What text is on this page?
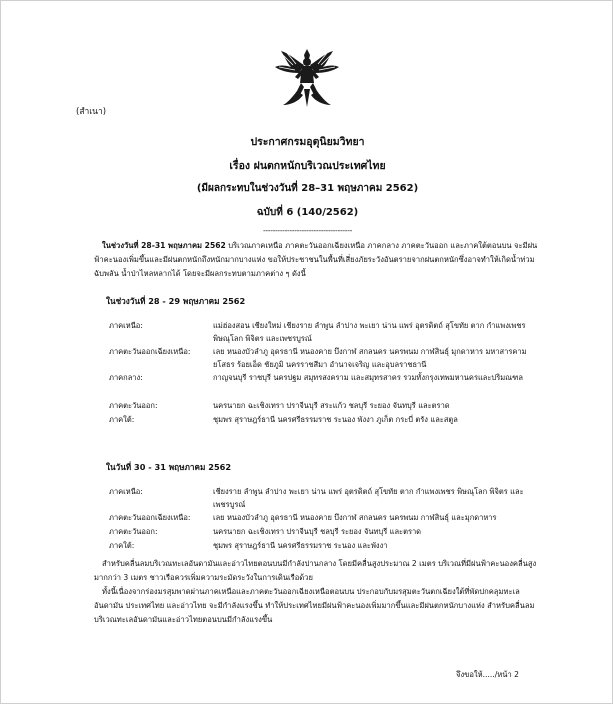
(สำเนา)
ประกาศกรมอุตุนิยมวิทยา
เรื่อง ฝนตกหนักบริเวณประเทศไทย
(มีผลกระทบในช่วงวันที่ 28–31 พฤษภาคม 2562)
ฉบับที่ 6 (140/2562)
-------------------------------------
ในช่วงวันที่ 28-31 พฤษภาคม 2562 บริเวณภาคเหนือ ภาคตะวันออกเฉียงเหนือ ภาคกลาง ภาคตะวันออก และภาคใต้ตอนบน จะมีฝนฟ้าคะนองเพิ่มขึ้นและมีฝนตกหนักถึงหนักมากบางแห่ง ขอให้ประชาชนในพื้นที่เสี่ยงภัยระวังอันตรายจากฝนตกหนักซึ่งอาจทำให้เกิดน้ำท่วมฉับพลัน น้ำป่าไหลหลากได้ โดยจะมีผลกระทบตามภาคต่าง ๆ ดังนี้
ในช่วงวันที่ 28 - 29 พฤษภาคม 2562
ภาคเหนือ:	แม่ฮ่องสอน เชียงใหม่ เชียงราย ลำพูน ลำปาง พะเยา น่าน แพร่ อุตรดิตถ์ สุโขทัย ตาก กำแพงเพชร พิษณุโลก พิจิตร และเพชรบูรณ์
ภาคตะวันออกเฉียงเหนือ:	เลย หนองบัวลำภู อุดรธานี หนองคาย บึงกาฬ สกลนคร นครพนม กาฬสินธุ์ มุกดาหาร มหาสารคาม ยโสธร ร้อยเอ็ด ชัยภูมิ นครราชสีมา อำนาจเจริญ และอุบลราชธานี
ภาคกลาง:	กาญจนบุรี ราชบุรี นครปฐม สมุทรสงคราม และสมุทรสาคร รวมทั้งกรุงเทพมหานครและปริมณฑล
ภาคตะวันออก:	นครนายก ฉะเชิงเทรา ปราจีนบุรี สระแก้ว ชลบุรี ระยอง จันทบุรี และตราด
ภาคใต้:	ชุมพร สุราษฎร์ธานี นครศรีธรรมราช ระนอง พังงา ภูเก็ต กระบี่ ตรัง และสตูล
ในวันที่ 30 - 31 พฤษภาคม 2562
ภาคเหนือ:	เชียงราย ลำพูน ลำปาง พะเยา น่าน แพร่ อุตรดิตถ์ สุโขทัย ตาก กำแพงเพชร พิษณุโลก พิจิตร และเพชรบูรณ์
ภาคตะวันออกเฉียงเหนือ:	เลย หนองบัวลำภู อุดรธานี หนองคาย บึงกาฬ สกลนคร นครพนม กาฬสินธุ์ และมุกดาหาร
ภาคตะวันออก:	นครนายก ฉะเชิงเทรา ปราจีนบุรี ชลบุรี ระยอง จันทบุรี และตราด
ภาคใต้:	ชุมพร สุราษฎร์ธานี นครศรีธรรมราช ระนอง และพังงา
สำหรับคลื่นลมบริเวณทะเลอันดามันและอ่าวไทยตอนบนมีกำลังปานกลาง โดยมีคลื่นสูงประมาณ 2 เมตร บริเวณที่มีฝนฟ้าคะนองคลื่นสูงมากกว่า 3 เมตร ชาวเรือควรเพิ่มความระมัดระวังในการเดินเรือด้วย
ทั้งนี้เนื่องจากร่องมรสุมพาดผ่านภาคเหนือและภาคตะวันออกเฉียงเหนือตอนบน ประกอบกับมรสุมตะวันตกเฉียงใต้ที่พัดปกคลุมทะเลอันดามัน ประเทศไทย และอ่าวไทย จะมีกำลังแรงขึ้น ทำให้ประเทศไทยมีฝนฟ้าคะนองเพิ่มมากขึ้นและมีฝนตกหนักบางแห่ง สำหรับคลื่นลมบริเวณทะเลอันดามันและอ่าวไทยตอนบนมีกำลังแรงขึ้น
จึงขอให้...../หน้า 2
